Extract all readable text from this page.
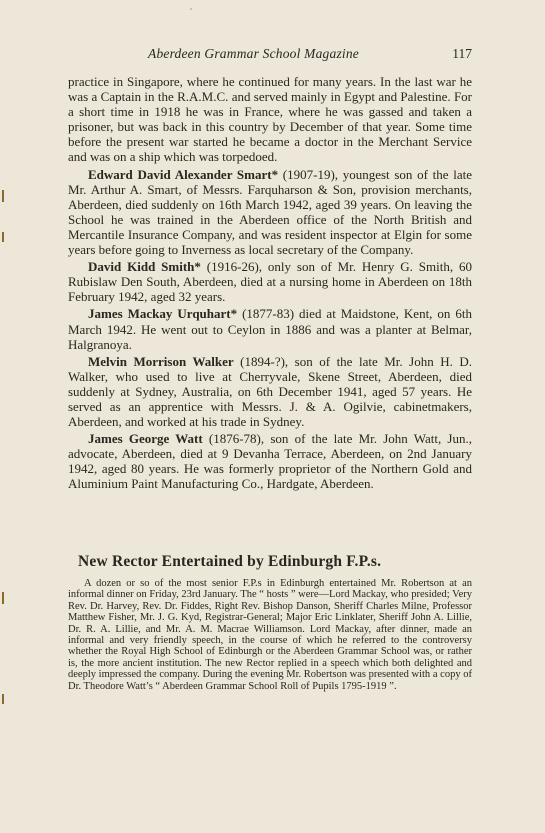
Aberdeen Grammar School Magazine	117

practice in Singapore, where he continued for many years. In the last war he was a Captain in the R.A.M.C. and served mainly in Egypt and Palestine. For a short time in 1918 he was in France, where he was gassed and taken a prisoner, but was back in this country by December of that year. Some time before the present war started he became a doctor in the Merchant Service and was on a ship which was torpedoed.

Edward David Alexander Smart* (1907-19), youngest son of the late Mr. Arthur A. Smart, of Messrs. Farquharson & Son, provision merchants, Aberdeen, died suddenly on 16th March 1942, aged 39 years. On leaving the School he was trained in the Aberdeen office of the North British and Mercantile Insurance Company, and was resident inspector at Elgin for some years before going to Inverness as local secretary of the Company.

David Kidd Smith* (1916-26), only son of Mr. Henry G. Smith, 60 Rubislaw Den South, Aberdeen, died at a nursing home in Aberdeen on 18th February 1942, aged 32 years.

James Mackay Urquhart* (1877-83) died at Maidstone, Kent, on 6th March 1942. He went out to Ceylon in 1886 and was a planter at Belmar, Halgranoya.

Melvin Morrison Walker (1894-?), son of the late Mr. John H. D. Walker, who used to live at Cherryvale, Skene Street, Aberdeen, died suddenly at Sydney, Australia, on 6th December 1941, aged 57 years. He served as an apprentice with Messrs. J. & A. Ogilvie, cabinetmakers, Aberdeen, and worked at his trade in Sydney.

James George Watt (1876-78), son of the late Mr. John Watt, Jun., advocate, Aberdeen, died at 9 Devanha Terrace, Aberdeen, on 2nd January 1942, aged 80 years. He was formerly proprietor of the Northern Gold and Aluminium Paint Manufacturing Co., Hardgate, Aberdeen.

New Rector Entertained by Edinburgh F.P.s.
A dozen or so of the most senior F.P.s in Edinburgh entertained Mr. Robertson at an informal dinner on Friday, 23rd January. The “ hosts ” were—Lord Mackay, who presided; Very Rev. Dr. Harvey, Rev. Dr. Fiddes, Right Rev. Bishop Danson, Sheriff Charles Milne, Professor Matthew Fisher, Mr. J. G. Kyd, Registrar-General; Major Eric Linklater, Sheriff John A. Lillie, Dr. R. A. Lillie, and Mr. A. M. Macrae Williamson. Lord Mackay, after dinner, made an informal and very friendly speech, in the course of which he referred to the controversy whether the Royal High School of Edinburgh or the Aberdeen Grammar School was, or rather is, the more ancient institution. The new Rector replied in a speech which both delighted and deeply impressed the company. During the evening Mr. Robertson was presented with a copy of Dr. Theodore Watt’s “ Aberdeen Grammar School Roll of Pupils 1795-1919 ”.
